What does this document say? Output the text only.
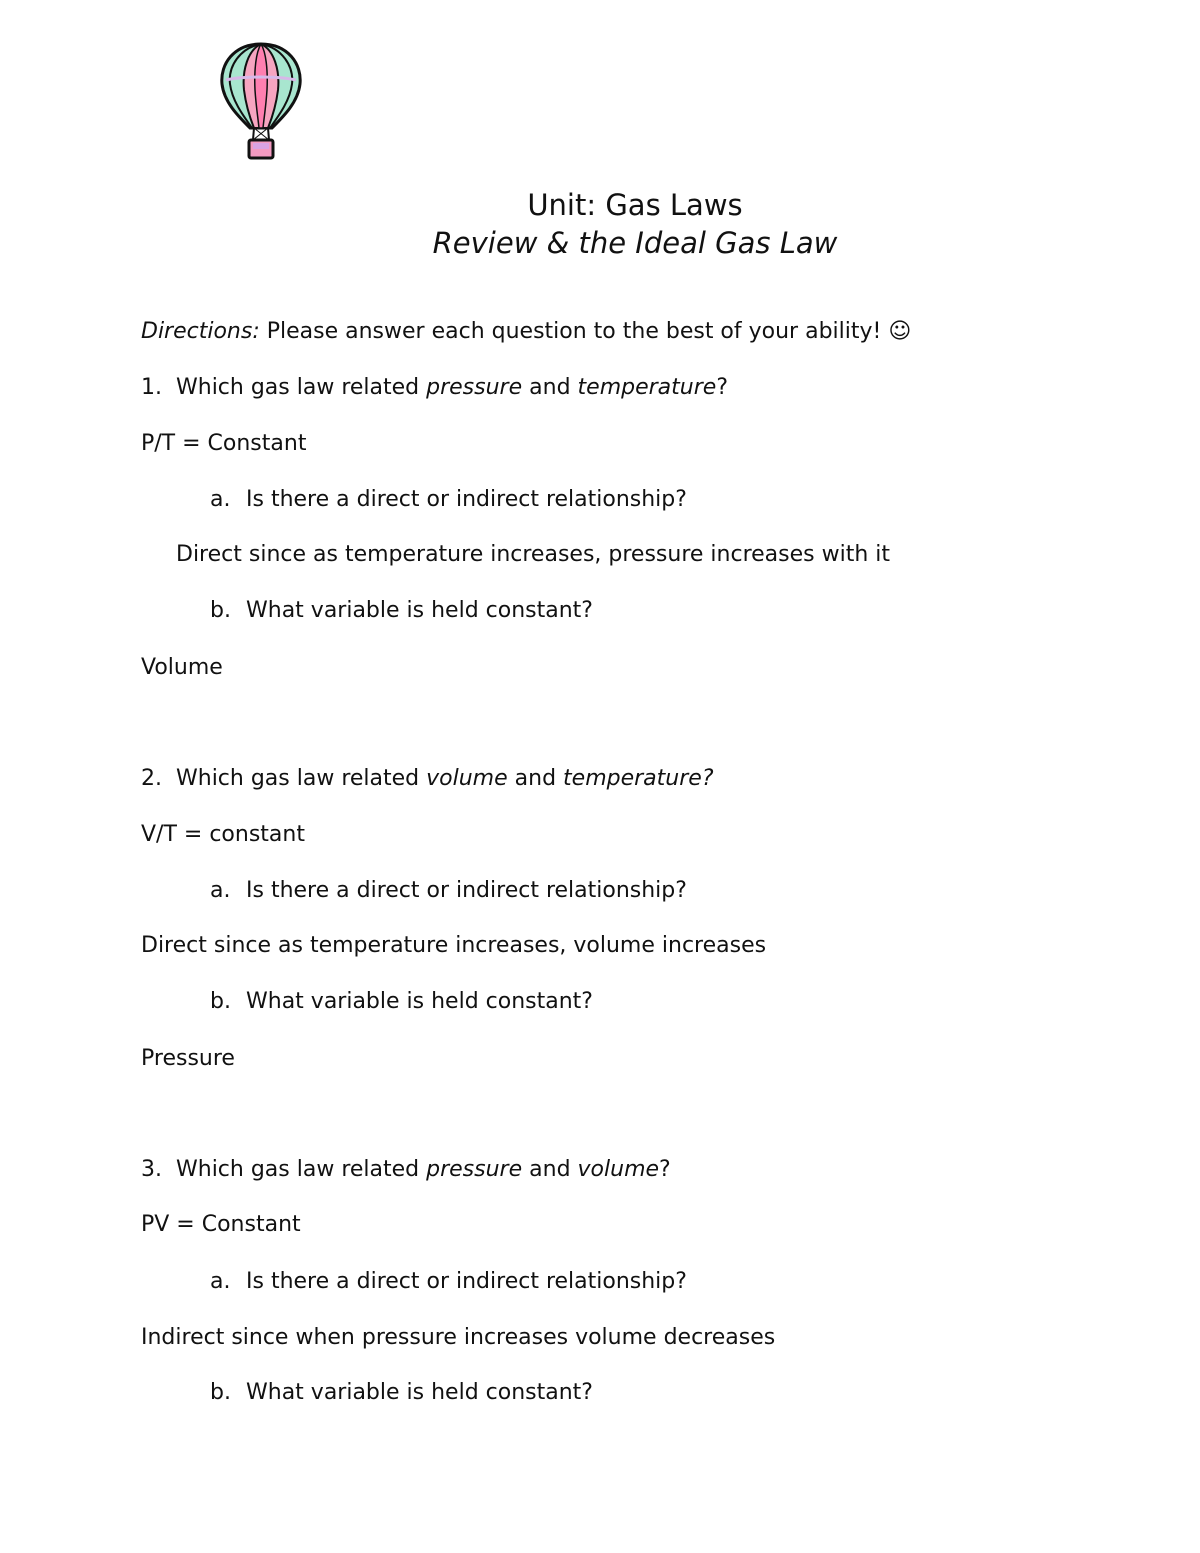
Unit: Gas Laws
Review & the Ideal Gas Law
Directions: Please answer each question to the best of your ability! ☺
1. Which gas law related pressure and temperature?
P/T = Constant
a. Is there a direct or indirect relationship?
Direct since as temperature increases, pressure increases with it
b. What variable is held constant?
Volume
2. Which gas law related volume and temperature?
V/T = constant
a. Is there a direct or indirect relationship?
Direct since as temperature increases, volume increases
b. What variable is held constant?
Pressure
3. Which gas law related pressure and volume?
PV = Constant
a. Is there a direct or indirect relationship?
Indirect since when pressure increases volume decreases
b. What variable is held constant?
